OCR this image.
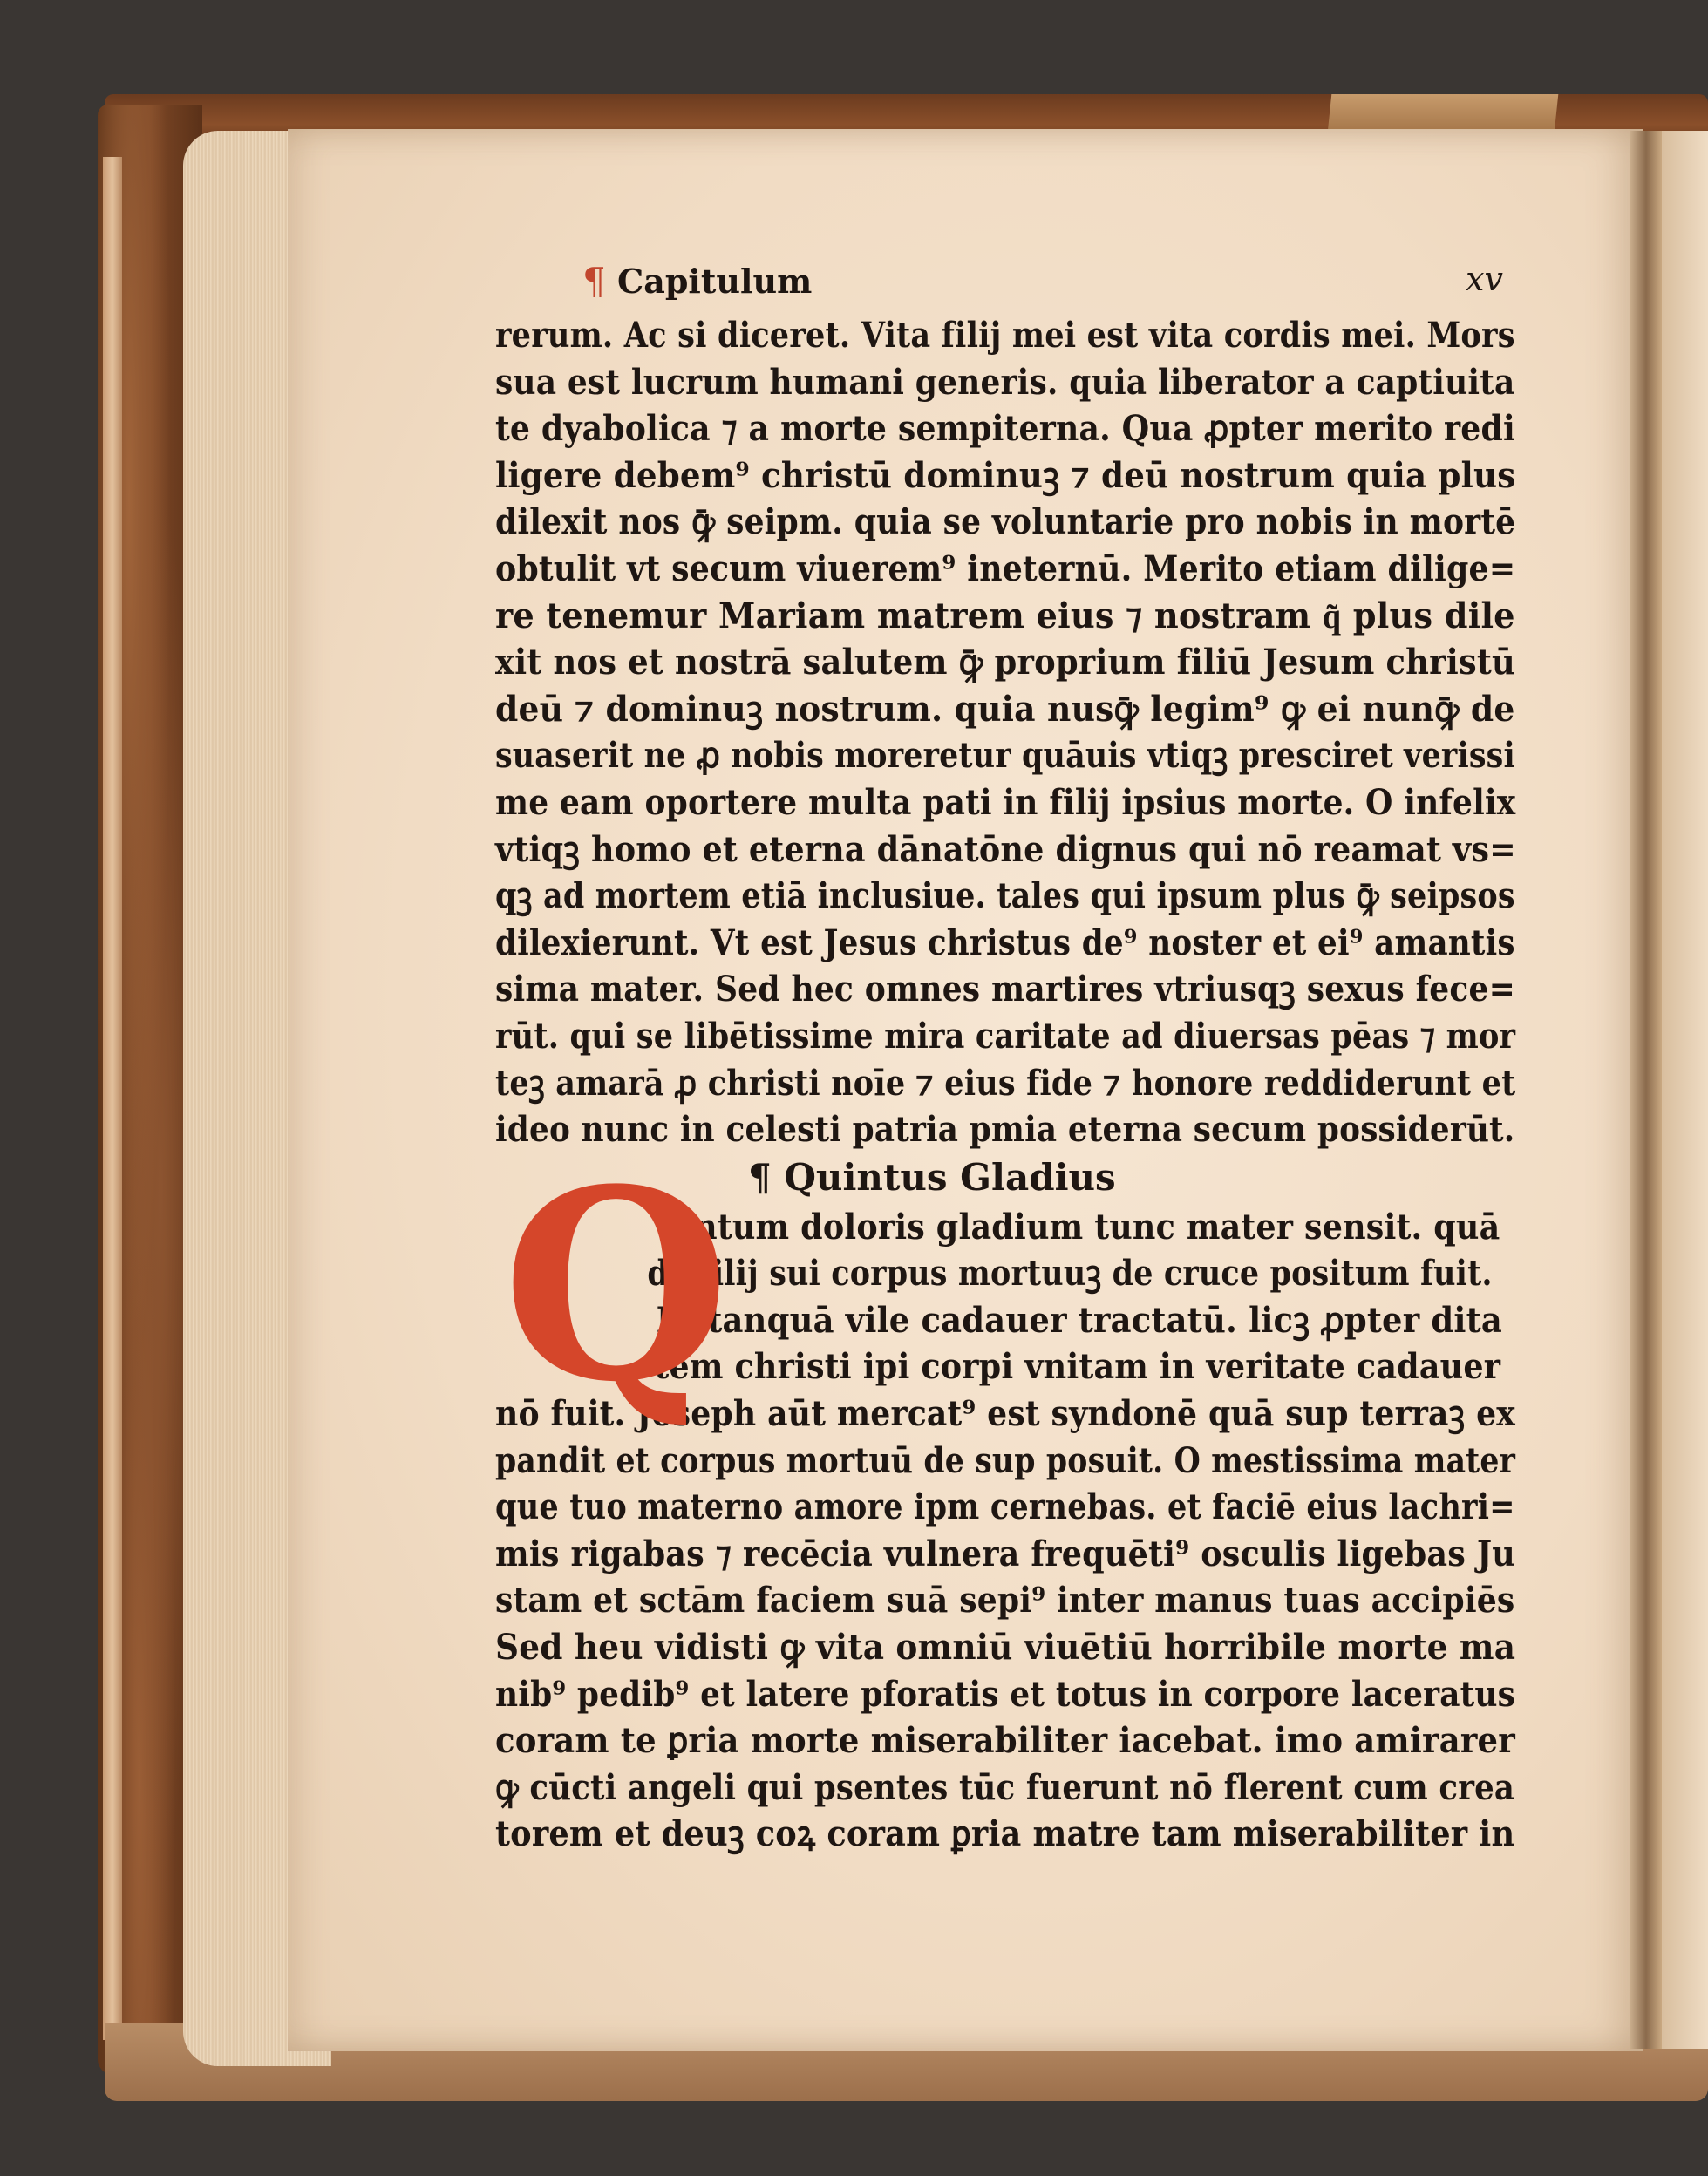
¶ Capitulum	xv
rerum. Ac si diceret. Vita filij mei est vita cordis mei. Mors
sua est lucrum humani generis. quia liberator a captiuita
te dyabolica ⁊ a morte sempiterna. Qua ꝓpter merito redi
ligere debem⁹ christū dominuꝫ ⁊ deū nostrum quia plus
dilexit nos ꝙ̄ seipm. quia se voluntarie pro nobis in mortē
obtulit vt secum viuerem⁹ ineternū. Merito etiam dilige=
re tenemur Mariam matrem eius ⁊ nostram q͂ plus dile
xit nos et nostrā salutem ꝙ̄ proprium filiū Jesum christū
deū ⁊ dominuꝫ nostrum. quia nusꝙ̄ legim⁹ ꝙ ei nunꝙ̄ de
suaserit ne ꝓ nobis moreretur quāuis vtiqꝫ presciret verissi
me eam oportere multa pati in filij ipsius morte. O infelix
vtiqꝫ homo et eterna dānatōne dignus qui nō reamat vs=
qꝫ ad mortem etiā inclusiue. tales qui ipsum plus ꝙ̄ seipsos
dilexierunt. Vt est Jesus christus de⁹ noster et ei⁹ amantis
sima mater. Sed hec omnes martires vtriusqꝫ sexus fece=
rūt. qui se libētissime mira caritate ad diuersas pēas ⁊ mor
teꝫ amarā ꝓ christi noīe ⁊ eius fide ⁊ honore reddiderunt et
ideo nunc in celesti patria pmia eterna secum possiderūt.
¶ Quintus Gladius
Uintum doloris gladium tunc mater sensit. quā
de filij sui corpus mortuuꝫ de cruce positum fuit.
Et tanquā vile cadauer tractatū. licꝫ ꝓpter dita
tem christi ipi corpi vnitam in veritate cadauer
nō fuit. Joseph aūt mercat⁹ est syndonē quā sup terraꝫ ex
pandit et corpus mortuū de sup posuit. O mestissima mater
que tuo materno amore ipm cernebas. et faciē eius lachri=
mis rigabas ⁊ recēcia vulnera frequēti⁹ osculis ligebas Ju
stam et sctām faciem suā sepi⁹ inter manus tuas accipiēs
Sed heu vidisti ꝙ vita omniū viuētiū horribile morte ma
nib⁹ pedib⁹ et latere pforatis et totus in corpore laceratus
coram te ꝑria morte miserabiliter iacebat. imo amirarer
ꝙ cūcti angeli qui psentes tūc fuerunt nō flerent cum crea
torem et deuꝫ coꝝ coram ꝑria matre tam miserabiliter in
Q
